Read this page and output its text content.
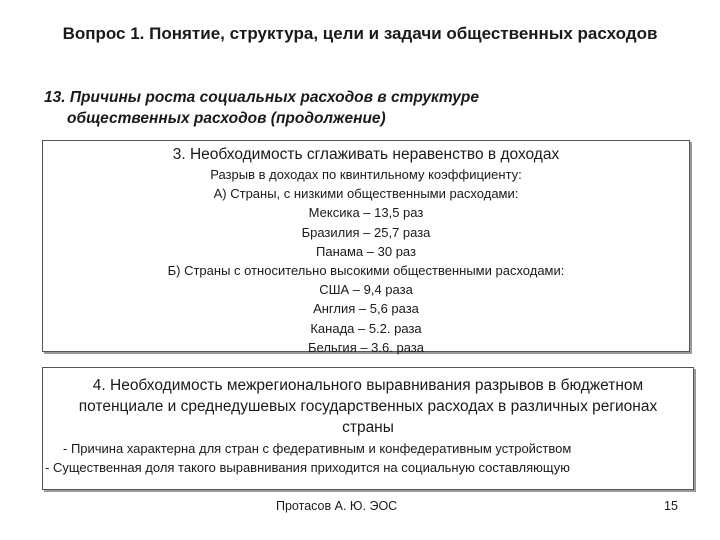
Вопрос 1. Понятие, структура, цели и задачи общественных расходов
13. Причины роста социальных расходов в структуре
общественных расходов (продолжение)
3. Необходимость сглаживать неравенство в доходах
Разрыв в доходах по квинтильному коэффициенту:
А) Страны, с низкими общественными расходами:
Мексика – 13,5 раз
Бразилия – 25,7 раза
Панама – 30 раз
Б) Страны с относительно высокими общественными расходами:
США – 9,4 раза
Англия – 5,6 раза
Канада – 5.2. раза
Бельгия – 3.6. раза
4. Необходимость межрегионального выравнивания разрывов в бюджетном потенциале и среднедушевых государственных расходах в различных регионах страны
- Причина характерна для стран с федеративным и конфедеративным устройством
- Существенная доля такого выравнивания приходится на социальную составляющую
Протасов А. Ю. ЭОС	15
